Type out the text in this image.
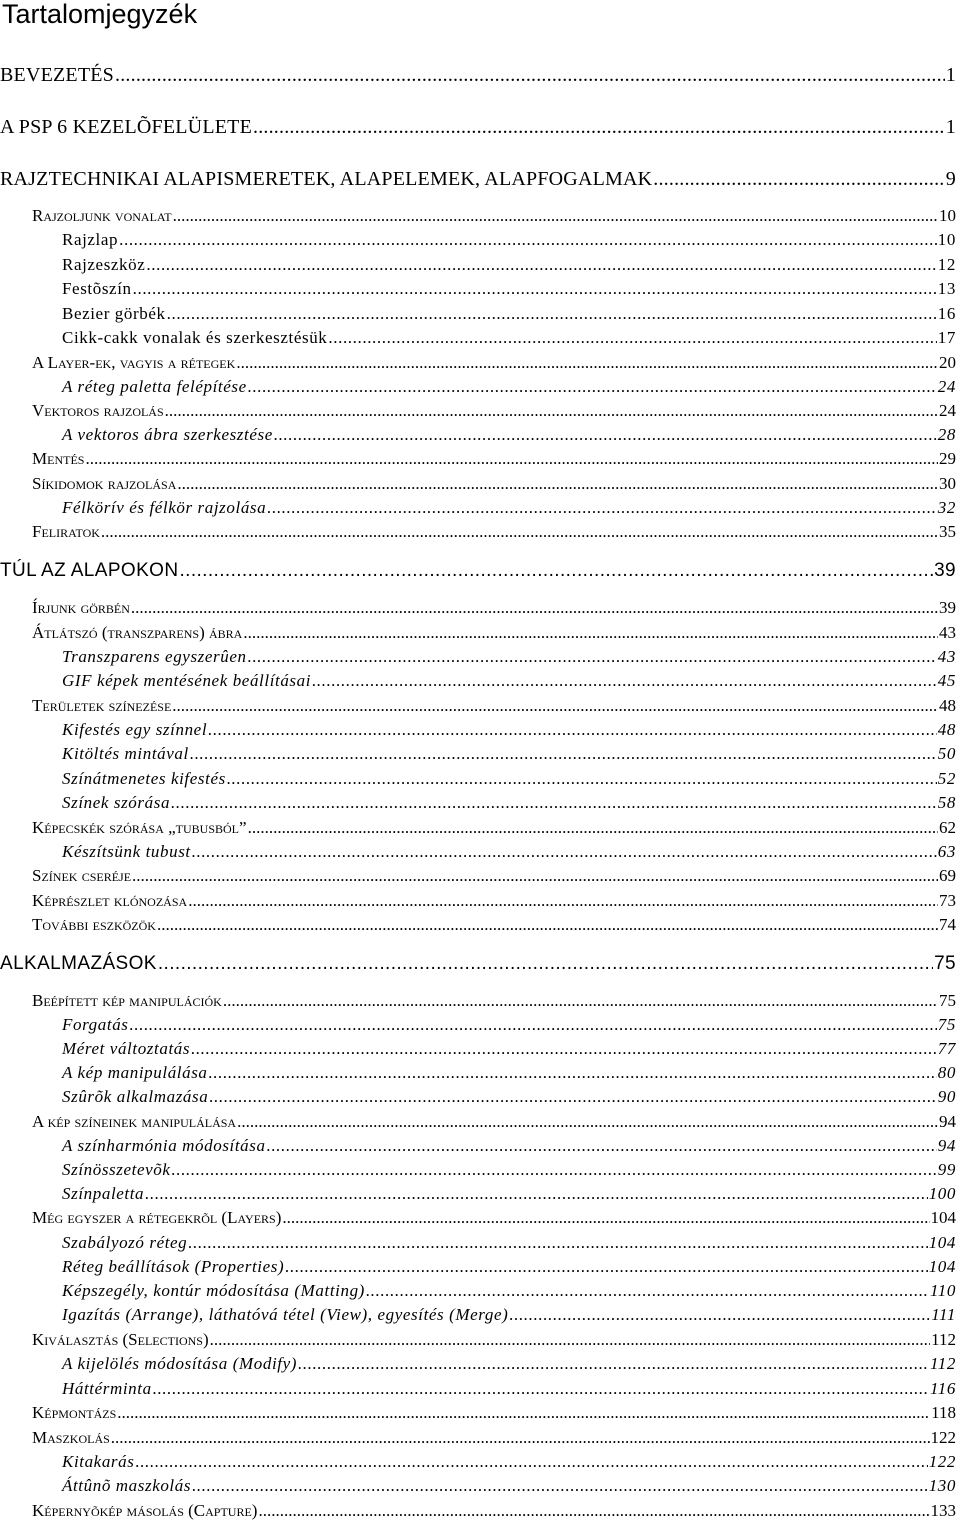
Tartalomjegyzék
BEVEZETÉS .....	1
A PSP 6 KEZELÕFELÜLETE .....	1
RAJZTECHNIKAI ALAPISMERETEK, ALAPELEMEK, ALAPFOGALMAK .....	9
Rajzoljunk vonalat .....	10
Rajzlap .....	10
Rajzeszköz .....	12
Festõszín .....	13
Bezier görbék .....	16
Cikk-cakk vonalak és szerkesztésük .....	17
A Layer-ek, vagyis a rétegek .....	20
A réteg paletta felépítése .....	24
Vektoros rajzolás .....	24
A vektoros ábra szerkesztése .....	28
Mentés .....	29
Síkidomok rajzolása .....	30
Félkörív és félkör rajzolása .....	32
Feliratok .....	35
TÚL AZ ALAPOKON .....	39
Írjunk görbén .....	39
Átlátszó (transzparens) ábra .....	43
Transzparens egyszerûen .....	43
GIF képek mentésének beállításai .....	45
Területek színezése .....	48
Kifestés egy színnel .....	48
Kitöltés mintával .....	50
Színátmenetes kifestés .....	52
Színek szórása .....	58
Képecskék szórása „tubusból” .....	62
Készítsünk tubust .....	63
Színek cseréje .....	69
Képrészlet klónozása .....	73
További eszközök .....	74
ALKALMAZÁSOK .....	75
Beépített kép manipulációk .....	75
Forgatás .....	75
Méret változtatás .....	77
A kép manipulálása .....	80
Szûrõk alkalmazása .....	90
A kép színeinek manipulálása .....	94
A színharmónia módosítása .....	94
Színösszetevõk .....	99
Színpaletta .....	100
Még egyszer a rétegekrõl (Layers) .....	104
Szabályozó réteg .....	104
Réteg beállítások (Properties) .....	104
Képszegély, kontúr módosítása (Matting) .....	110
Igazítás (Arrange), láthatóvá tétel (View), egyesítés (Merge) .....	111
Kiválasztás (Selections) .....	112
A kijelölés módosítása (Modify) .....	112
Háttérminta .....	116
Képmontázs .....	118
Maszkolás .....	122
Kitakarás .....	122
Áttûnõ maszkolás .....	130
Képernyõkép másolás (Capture) .....	133
